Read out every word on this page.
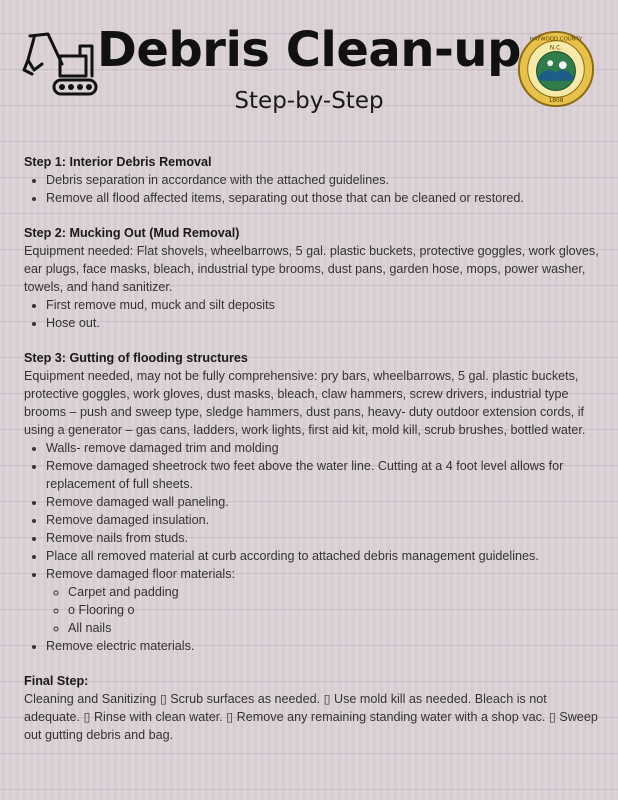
Debris Clean-up
Step-by-Step
N.C.
1808
HAYWOOD COUNTY
Step 1: Interior Debris Removal
• Debris separation in accordance with the attached guidelines.
• Remove all flood affected items, separating out those that can be cleaned or restored.
Step 2: Mucking Out (Mud Removal)

Equipment needed: Flat shovels, wheelbarrows, 5 gal. plastic buckets, protective goggles, work gloves, ear plugs, face masks, bleach, industrial type brooms, dust pans, garden hose, mops, power washer, towels, and hand sanitizer.

• First remove mud, muck and silt deposits
• Hose out.
Step 3: Gutting of flooding structures

Equipment needed, may not be fully comprehensive: pry bars, wheelbarrows, 5 gal. plastic buckets, protective goggles, work gloves, dust masks, bleach, claw hammers, screw drivers, industrial type brooms – push and sweep type, sledge hammers, dust pans, heavy- duty outdoor extension cords, if using a generator – gas cans, ladders, work lights, first aid kit, mold kill, scrub brushes, bottled water.

• Walls- remove damaged trim and molding
• Remove damaged sheetrock two feet above the water line. Cutting at a 4 foot level allows for replacement of full sheets.
• Remove damaged wall paneling.
• Remove damaged insulation.
• Remove nails from studs.
• Place all removed material at curb according to attached debris management guidelines.
• Remove damaged floor materials:
◦ Carpet and padding
◦ o Flooring o
◦ All nails
• Remove electric materials.
Final Step:

Cleaning and Sanitizing ▯ Scrub surfaces as needed. ▯ Use mold kill as needed. Bleach is not adequate. ▯ Rinse with clean water. ▯ Remove any remaining standing water with a shop vac. ▯ Sweep out gutting debris and bag.
